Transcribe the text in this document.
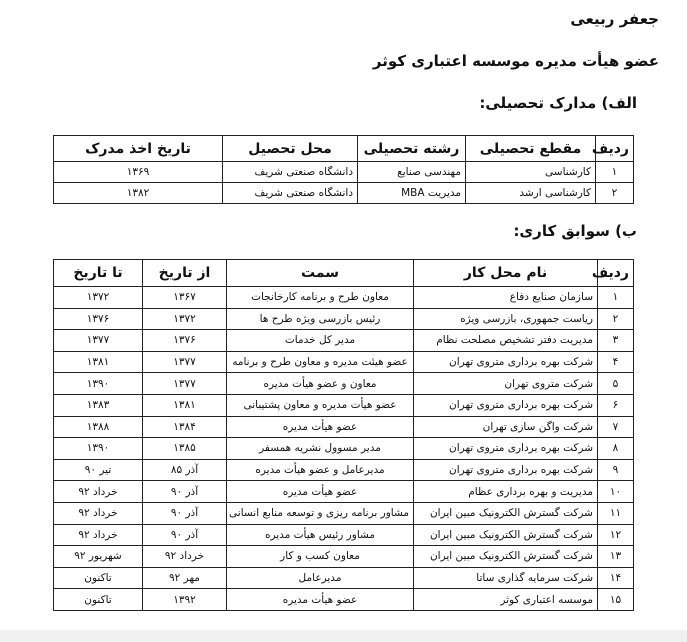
جعفر ربیعی
عضو هیأت مدیره موسسه اعتباری کوثر
الف) مدارک تحصیلی:
ردیف	مقطع تحصیلی	رشته تحصیلی	محل تحصیل	تاریخ اخذ مدرک
۱	کارشناسی	مهندسی صنایع	دانشگاه صنعتی شریف	۱۳۶۹
۲	کارشناسی ارشد	مدیریت MBA	دانشگاه صنعتی شریف	۱۳۸۲
ب) سوابق کاری:
ردیف	نام محل کار	سمت	از تاریخ	تا تاریخ
۱	سازمان صنایع دفاع	معاون طرح و برنامه کارخانجات	۱۳۶۷	۱۳۷۲
۲	ریاست جمهوری، بازرسی ویژه	رئیس بازرسی ویژه طرح ها	۱۳۷۲	۱۳۷۶
۳	مدیریت دفتر تشخیص مصلحت نظام	مدیر کل خدمات	۱۳۷۶	۱۳۷۷
۴	شرکت بهره برداری متروی تهران	عضو هیئت مدیره و معاون طرح و برنامه	۱۳۷۷	۱۳۸۱
۵	شرکت متروی تهران	معاون و عضو هیأت مدیره	۱۳۷۷	۱۳۹۰
۶	شرکت بهره برداری متروی تهران	عضو هیأت مدیره و معاون پشتیبانی	۱۳۸۱	۱۳۸۳
۷	شرکت واگن سازی تهران	عضو هیأت مدیره	۱۳۸۴	۱۳۸۸
۸	شرکت بهره برداری متروی تهران	مدیر مسوول نشریه همسفر	۱۳۸۵	۱۳۹۰
۹	شرکت بهره برداری متروی تهران	مدیرعامل و عضو هیأت مدیره	آذر ۸۵	تیر ۹۰
۱۰	مدیریت و بهره برداری عظام	عضو هیأت مدیره	آذر ۹۰	خرداد ۹۲
۱۱	شرکت گسترش الکترونیک مبین ایران	مشاور برنامه ریزی و توسعه منابع انسانی	آذر ۹۰	خرداد ۹۲
۱۲	شرکت گسترش الکترونیک مبین ایران	مشاور رئیس هیأت مدیره	آذر ۹۰	خرداد ۹۲
۱۳	شرکت گسترش الکترونیک مبین ایران	معاون کسب و کار	خرداد ۹۲	شهریور ۹۲
۱۴	شرکت سرمایه گذاری ساتا	مدیرعامل	مهر ۹۲	تاکنون
۱۵	موسسه اعتباری کوثر	عضو هیأت مدیره	۱۳۹۲	تاکنون
